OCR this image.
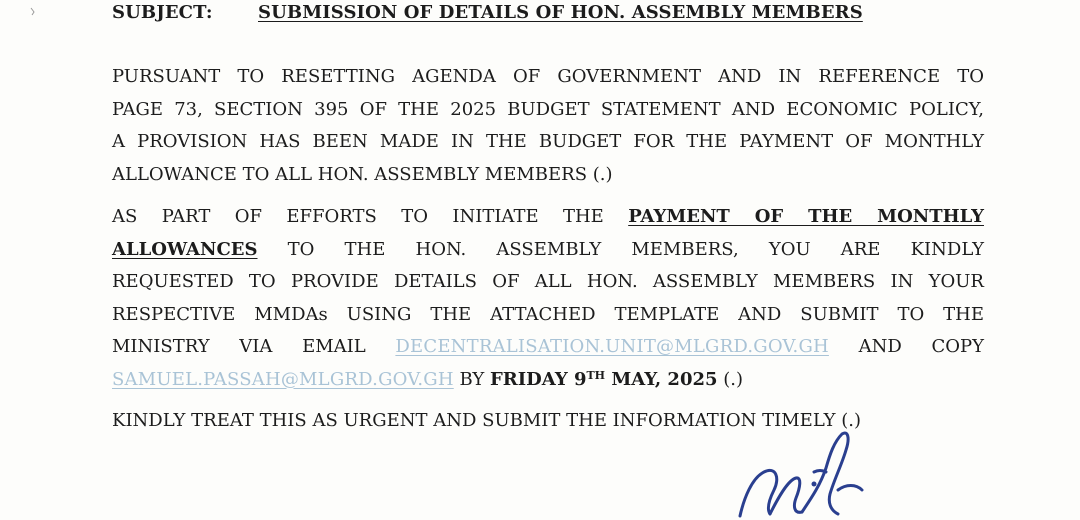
SUBJECT:	SUBMISSION OF DETAILS OF HON. ASSEMBLY MEMBERS
PURSUANT TO RESETTING AGENDA OF GOVERNMENT AND IN REFERENCE TO
PAGE 73, SECTION 395 OF THE 2025 BUDGET STATEMENT AND ECONOMIC POLICY,
A PROVISION HAS BEEN MADE IN THE BUDGET FOR THE PAYMENT OF MONTHLY
ALLOWANCE TO ALL HON. ASSEMBLY MEMBERS (.)
AS PART OF EFFORTS TO INITIATE THE PAYMENT OF THE MONTHLY
ALLOWANCES TO THE HON. ASSEMBLY MEMBERS, YOU ARE KINDLY
REQUESTED TO PROVIDE DETAILS OF ALL HON. ASSEMBLY MEMBERS IN YOUR
RESPECTIVE MMDAs USING THE ATTACHED TEMPLATE AND SUBMIT TO THE
MINISTRY VIA EMAIL DECENTRALISATION.UNIT@MLGRD.GOV.GH AND COPY
SAMUEL.PASSAH@MLGRD.GOV.GH BY FRIDAY 9TH MAY, 2025 (.)
KINDLY TREAT THIS AS URGENT AND SUBMIT THE INFORMATION TIMELY (.)
